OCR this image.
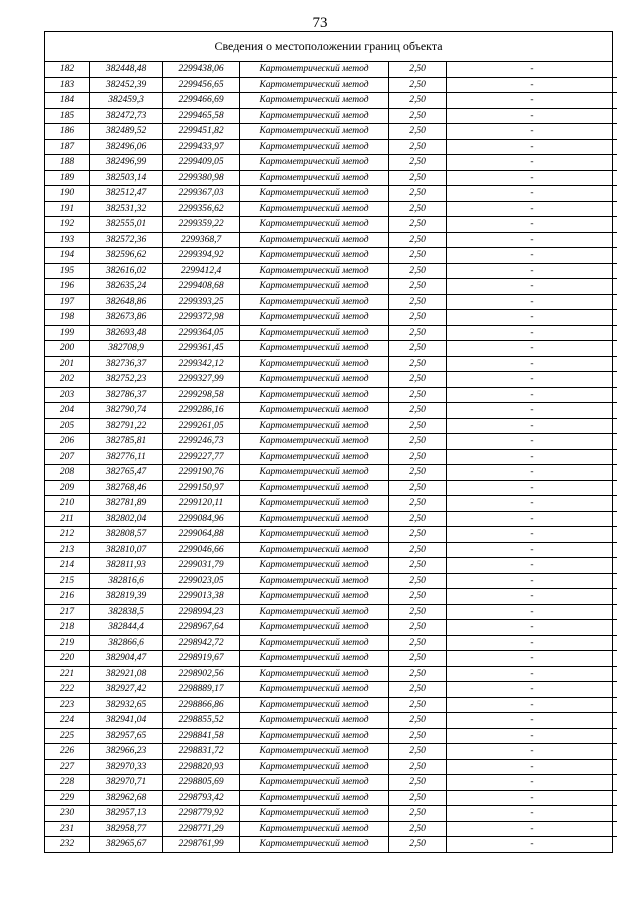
73
Сведения о местоположении границ объекта
182	382448,48	2299438,06	Картометрический метод	2,50	-
183	382452,39	2299456,65	Картометрический метод	2,50	-
184	382459,3	2299466,69	Картометрический метод	2,50	-
185	382472,73	2299465,58	Картометрический метод	2,50	-
186	382489,52	2299451,82	Картометрический метод	2,50	-
187	382496,06	2299433,97	Картометрический метод	2,50	-
188	382496,99	2299409,05	Картометрический метод	2,50	-
189	382503,14	2299380,98	Картометрический метод	2,50	-
190	382512,47	2299367,03	Картометрический метод	2,50	-
191	382531,32	2299356,62	Картометрический метод	2,50	-
192	382555,01	2299359,22	Картометрический метод	2,50	-
193	382572,36	2299368,7	Картометрический метод	2,50	-
194	382596,62	2299394,92	Картометрический метод	2,50	-
195	382616,02	2299412,4	Картометрический метод	2,50	-
196	382635,24	2299408,68	Картометрический метод	2,50	-
197	382648,86	2299393,25	Картометрический метод	2,50	-
198	382673,86	2299372,98	Картометрический метод	2,50	-
199	382693,48	2299364,05	Картометрический метод	2,50	-
200	382708,9	2299361,45	Картометрический метод	2,50	-
201	382736,37	2299342,12	Картометрический метод	2,50	-
202	382752,23	2299327,99	Картометрический метод	2,50	-
203	382786,37	2299298,58	Картометрический метод	2,50	-
204	382790,74	2299286,16	Картометрический метод	2,50	-
205	382791,22	2299261,05	Картометрический метод	2,50	-
206	382785,81	2299246,73	Картометрический метод	2,50	-
207	382776,11	2299227,77	Картометрический метод	2,50	-
208	382765,47	2299190,76	Картометрический метод	2,50	-
209	382768,46	2299150,97	Картометрический метод	2,50	-
210	382781,89	2299120,11	Картометрический метод	2,50	-
211	382802,04	2299084,96	Картометрический метод	2,50	-
212	382808,57	2299064,88	Картометрический метод	2,50	-
213	382810,07	2299046,66	Картометрический метод	2,50	-
214	382811,93	2299031,79	Картометрический метод	2,50	-
215	382816,6	2299023,05	Картометрический метод	2,50	-
216	382819,39	2299013,38	Картометрический метод	2,50	-
217	382838,5	2298994,23	Картометрический метод	2,50	-
218	382844,4	2298967,64	Картометрический метод	2,50	-
219	382866,6	2298942,72	Картометрический метод	2,50	-
220	382904,47	2298919,67	Картометрический метод	2,50	-
221	382921,08	2298902,56	Картометрический метод	2,50	-
222	382927,42	2298889,17	Картометрический метод	2,50	-
223	382932,65	2298866,86	Картометрический метод	2,50	-
224	382941,04	2298855,52	Картометрический метод	2,50	-
225	382957,65	2298841,58	Картометрический метод	2,50	-
226	382966,23	2298831,72	Картометрический метод	2,50	-
227	382970,33	2298820,93	Картометрический метод	2,50	-
228	382970,71	2298805,69	Картометрический метод	2,50	-
229	382962,68	2298793,42	Картометрический метод	2,50	-
230	382957,13	2298779,92	Картометрический метод	2,50	-
231	382958,77	2298771,29	Картометрический метод	2,50	-
232	382965,67	2298761,99	Картометрический метод	2,50	-
